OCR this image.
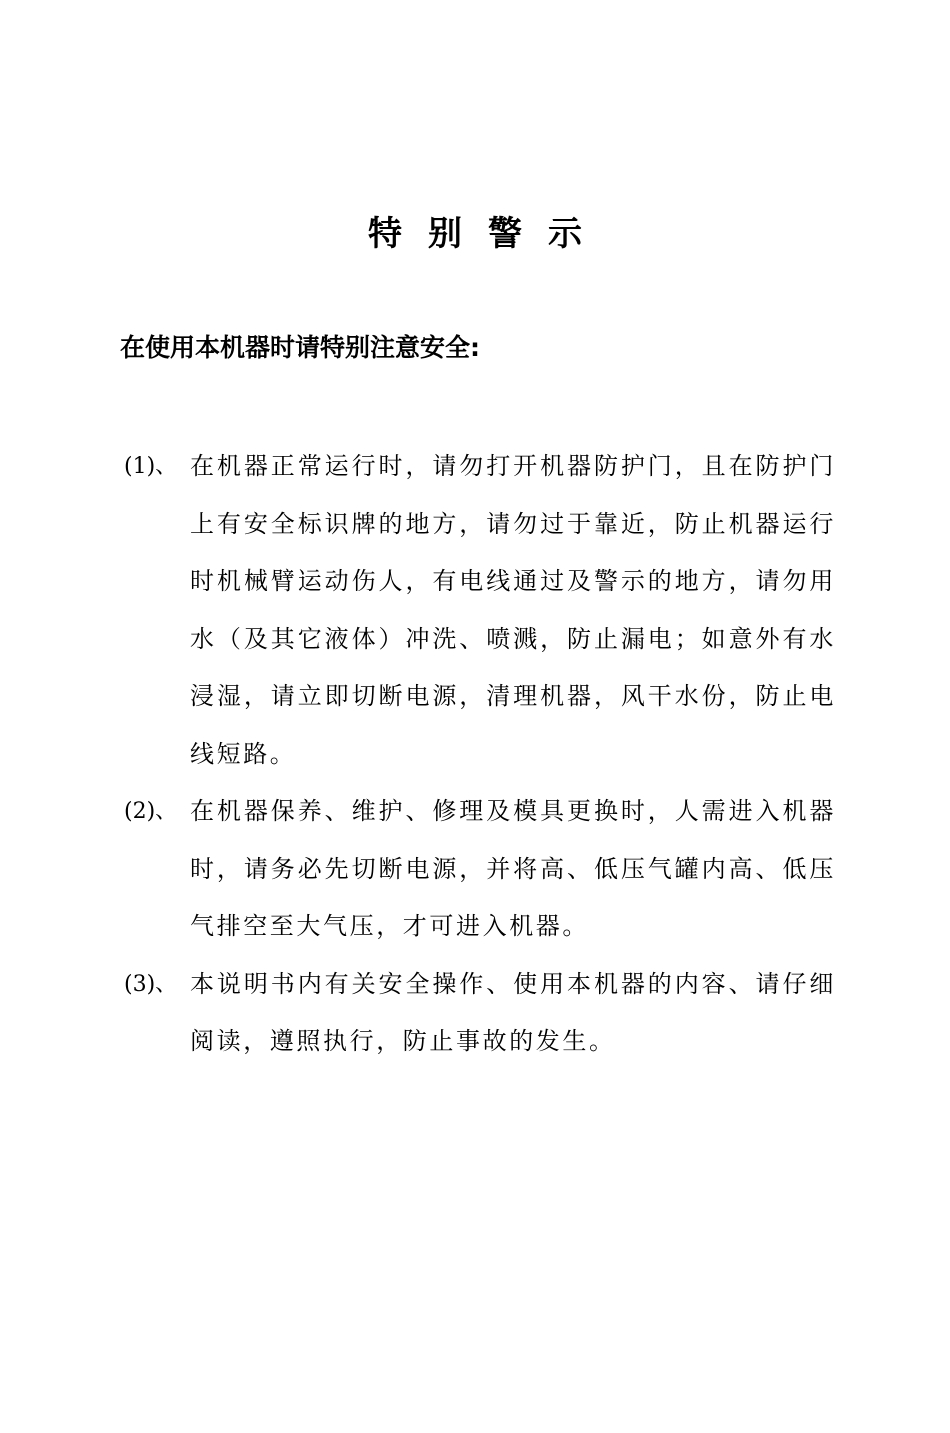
特别警示
在使用本机器时请特别注意安全:
(1)、 在机器正常运行时，请勿打开机器防护门，且在防护门上有安全标识牌的地方，请勿过于靠近，防止机器运行时机械臂运动伤人，有电线通过及警示的地方，请勿用水（及其它液体）冲洗、喷溅，防止漏电；如意外有水浸湿，请立即切断电源，清理机器，风干水份，防止电线短路。
(2)、 在机器保养、维护、修理及模具更换时，人需进入机器时，请务必先切断电源，并将高、低压气罐内高、低压气排空至大气压，才可进入机器。
(3)、 本说明书内有关安全操作、使用本机器的内容、请仔细阅读，遵照执行，防止事故的发生。
